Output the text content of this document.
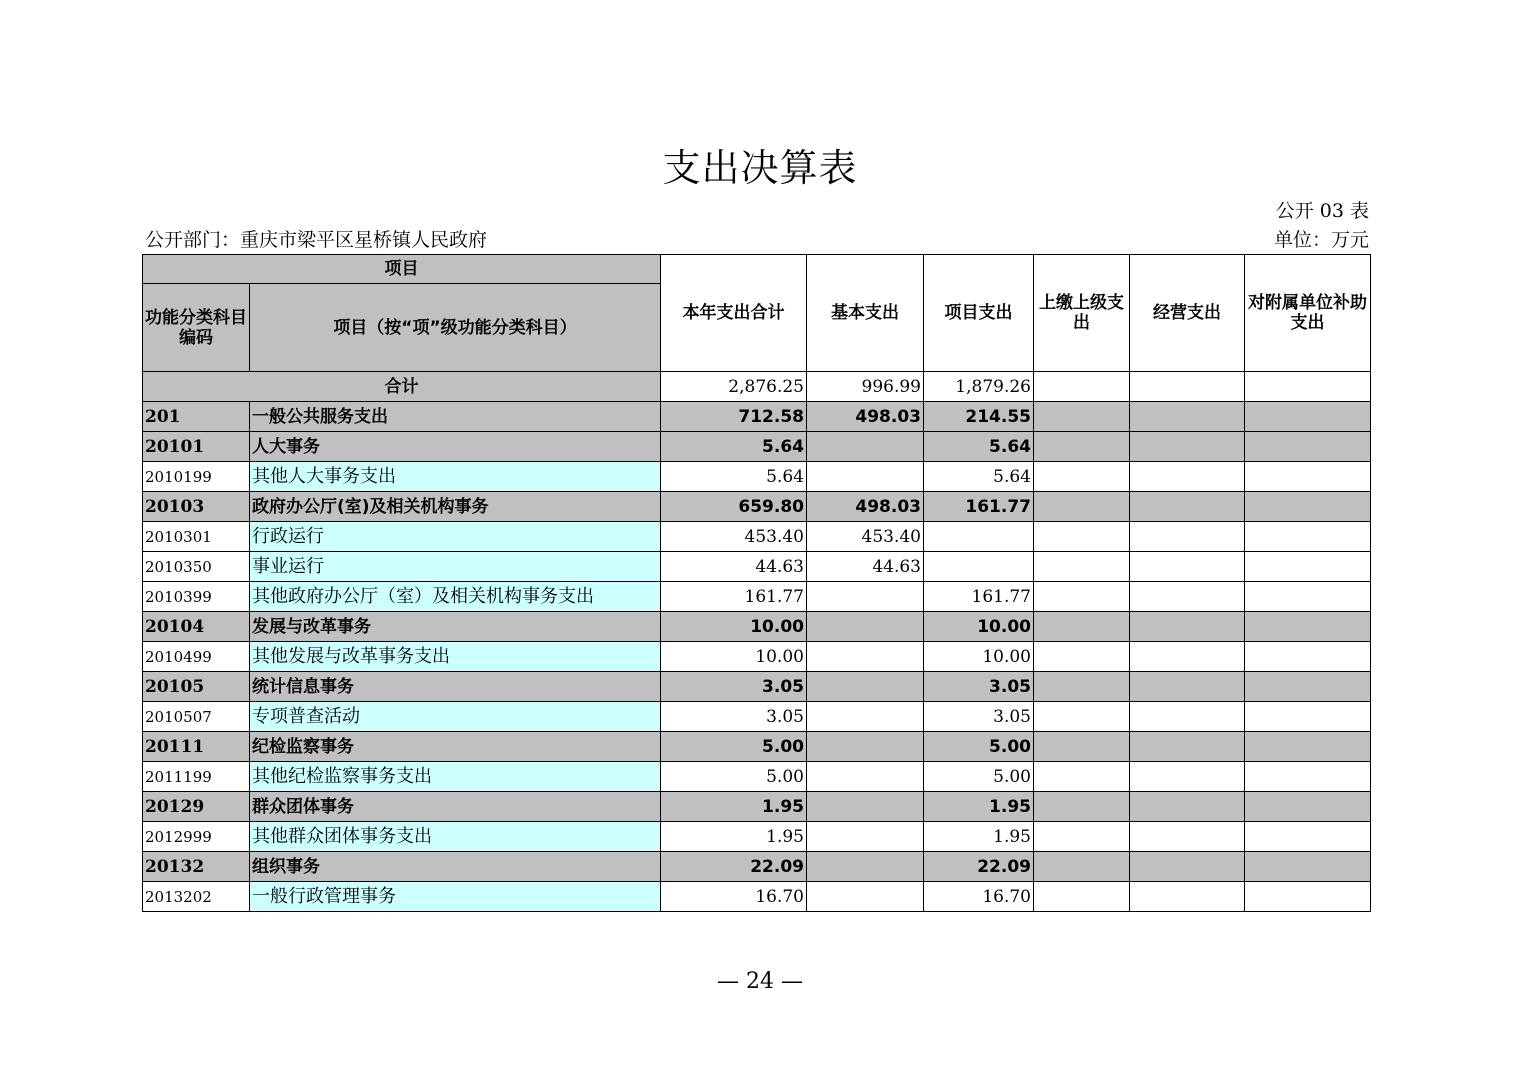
支出决算表
公开 03 表
公开部门：重庆市梁平区星桥镇人民政府	单位：万元
项目		本年支出合计	基本支出	项目支出	上缴上级支出	经营支出	对附属单位补助支出
功能分类科目编码	项目（按“项”级功能分类科目）						
合计		2,876.25	996.99	1,879.26			
201	一般公共服务支出	712.58	498.03	214.55			
20101	人大事务	5.64		5.64			
2010199	其他人大事务支出	5.64		5.64			
20103	政府办公厅(室)及相关机构事务	659.80	498.03	161.77			
2010301	行政运行	453.40	453.40				
2010350	事业运行	44.63	44.63				
2010399	其他政府办公厅（室）及相关机构事务支出	161.77		161.77			
20104	发展与改革事务	10.00		10.00			
2010499	其他发展与改革事务支出	10.00		10.00			
20105	统计信息事务	3.05		3.05			
2010507	专项普查活动	3.05		3.05			
20111	纪检监察事务	5.00		5.00			
2011199	其他纪检监察事务支出	5.00		5.00			
20129	群众团体事务	1.95		1.95			
2012999	其他群众团体事务支出	1.95		1.95			
20132	组织事务	22.09		22.09			
2013202	一般行政管理事务	16.70		16.70			
— 24 —
